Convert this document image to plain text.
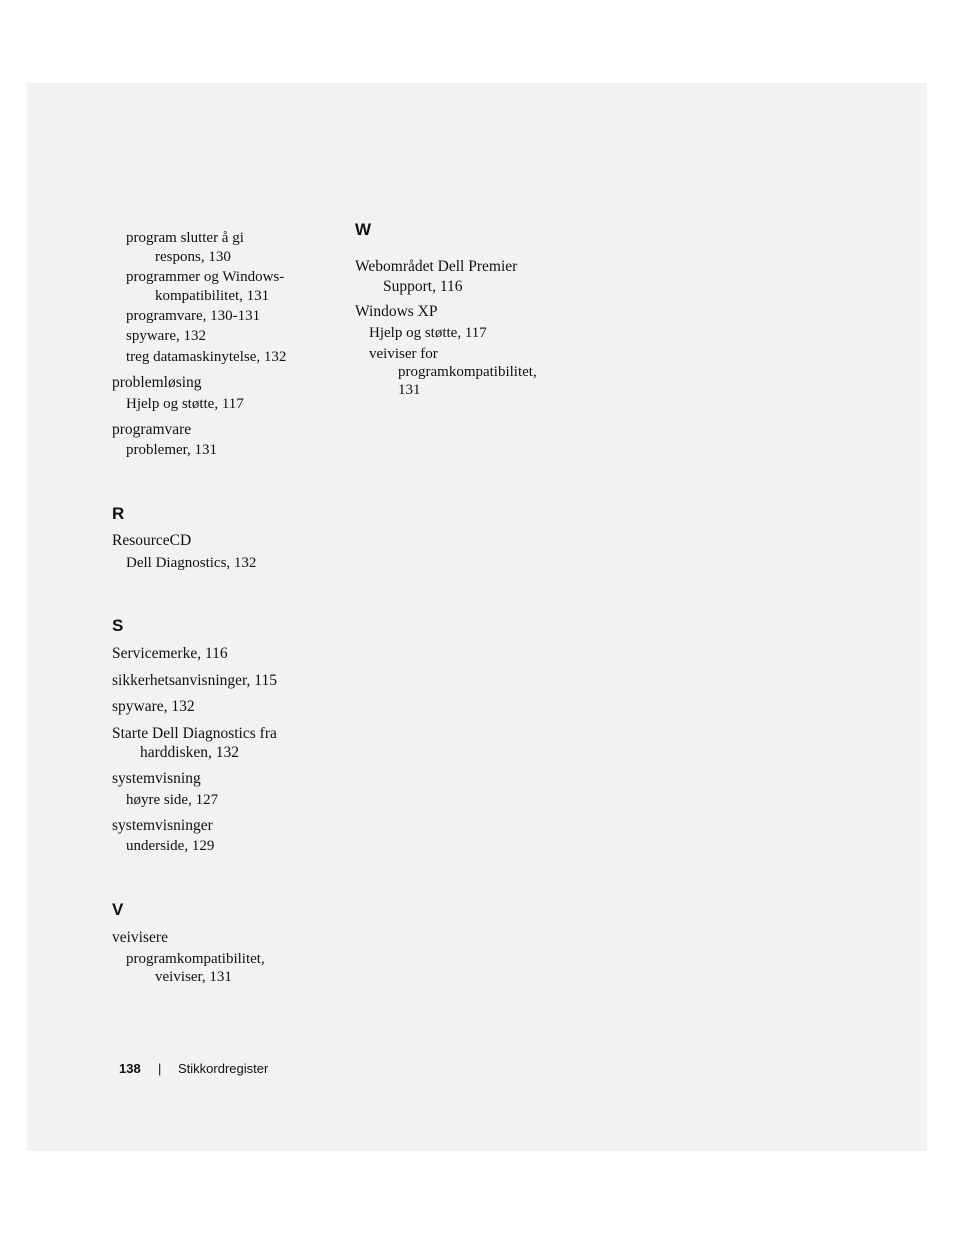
program slutter å gi
respons, 130
programmer og Windows-
kompatibilitet, 131
programvare, 130-131
spyware, 132
treg datamaskinytelse, 132
problemløsing
Hjelp og støtte, 117
programvare
problemer, 131
R
ResourceCD
Dell Diagnostics, 132
S
Servicemerke, 116
sikkerhetsanvisninger, 115
spyware, 132
Starte Dell Diagnostics fra
harddisken, 132
systemvisning
høyre side, 127
systemvisninger
underside, 129
V
veivisere
programkompatibilitet,
veiviser, 131
W
Webområdet Dell Premier
Support, 116
Windows XP
Hjelp og støtte, 117
veiviser for
programkompatibilitet,
131
138 | Stikkordregister
